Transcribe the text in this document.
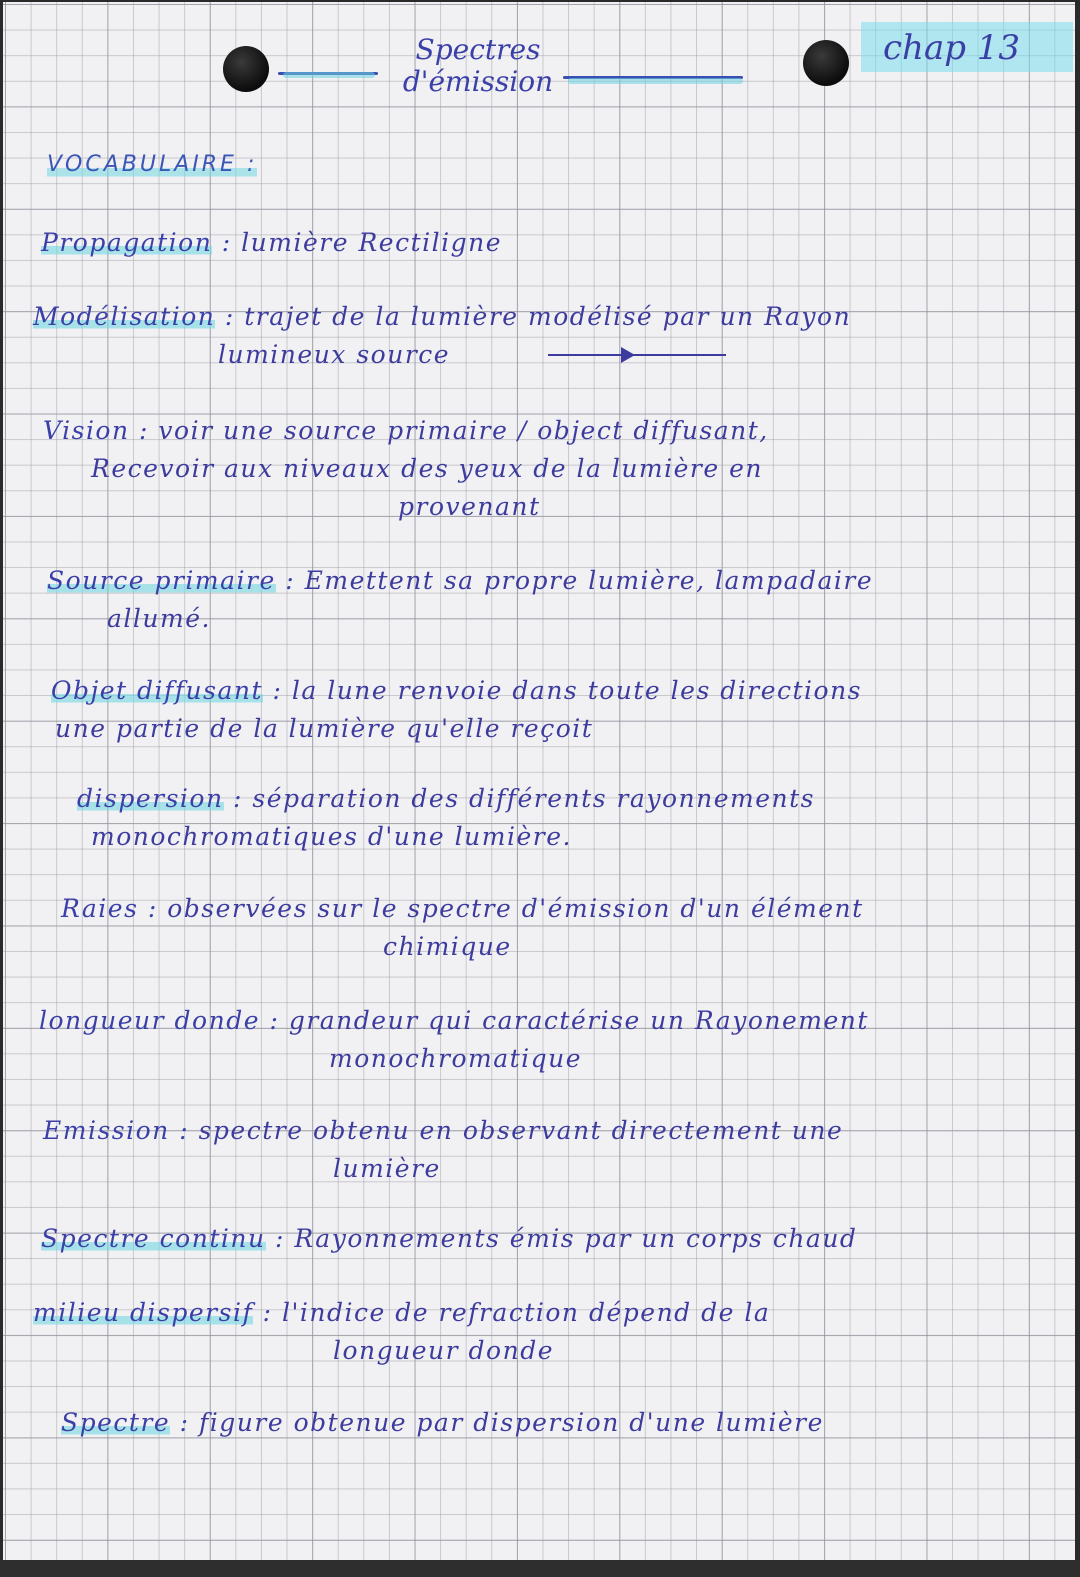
Spectres
d'émission
chap 13
VOCABULAIRE :
Propagation : lumière Rectiligne
Modélisation : trajet de la lumière modélisé par un Rayon
lumineux source
Vision : voir une source primaire / object diffusant,
Recevoir aux niveaux des yeux de la lumière en
provenant
Source primaire : Emettent sa propre lumière, lampadaire
allumé.
Objet diffusant : la lune renvoie dans toute les directions
une partie de la lumière qu'elle reçoit
dispersion : séparation des différents rayonnements
monochromatiques d'une lumière.
Raies : observées sur le spectre d'émission d'un élément
chimique
longueur donde : grandeur qui caractérise un Rayonement
monochromatique
Emission : spectre obtenu en observant directement une
lumière
Spectre continu : Rayonnements émis par un corps chaud
milieu dispersif : l'indice de refraction dépend de la
longueur donde
Spectre : figure obtenue par dispersion d'une lumière
